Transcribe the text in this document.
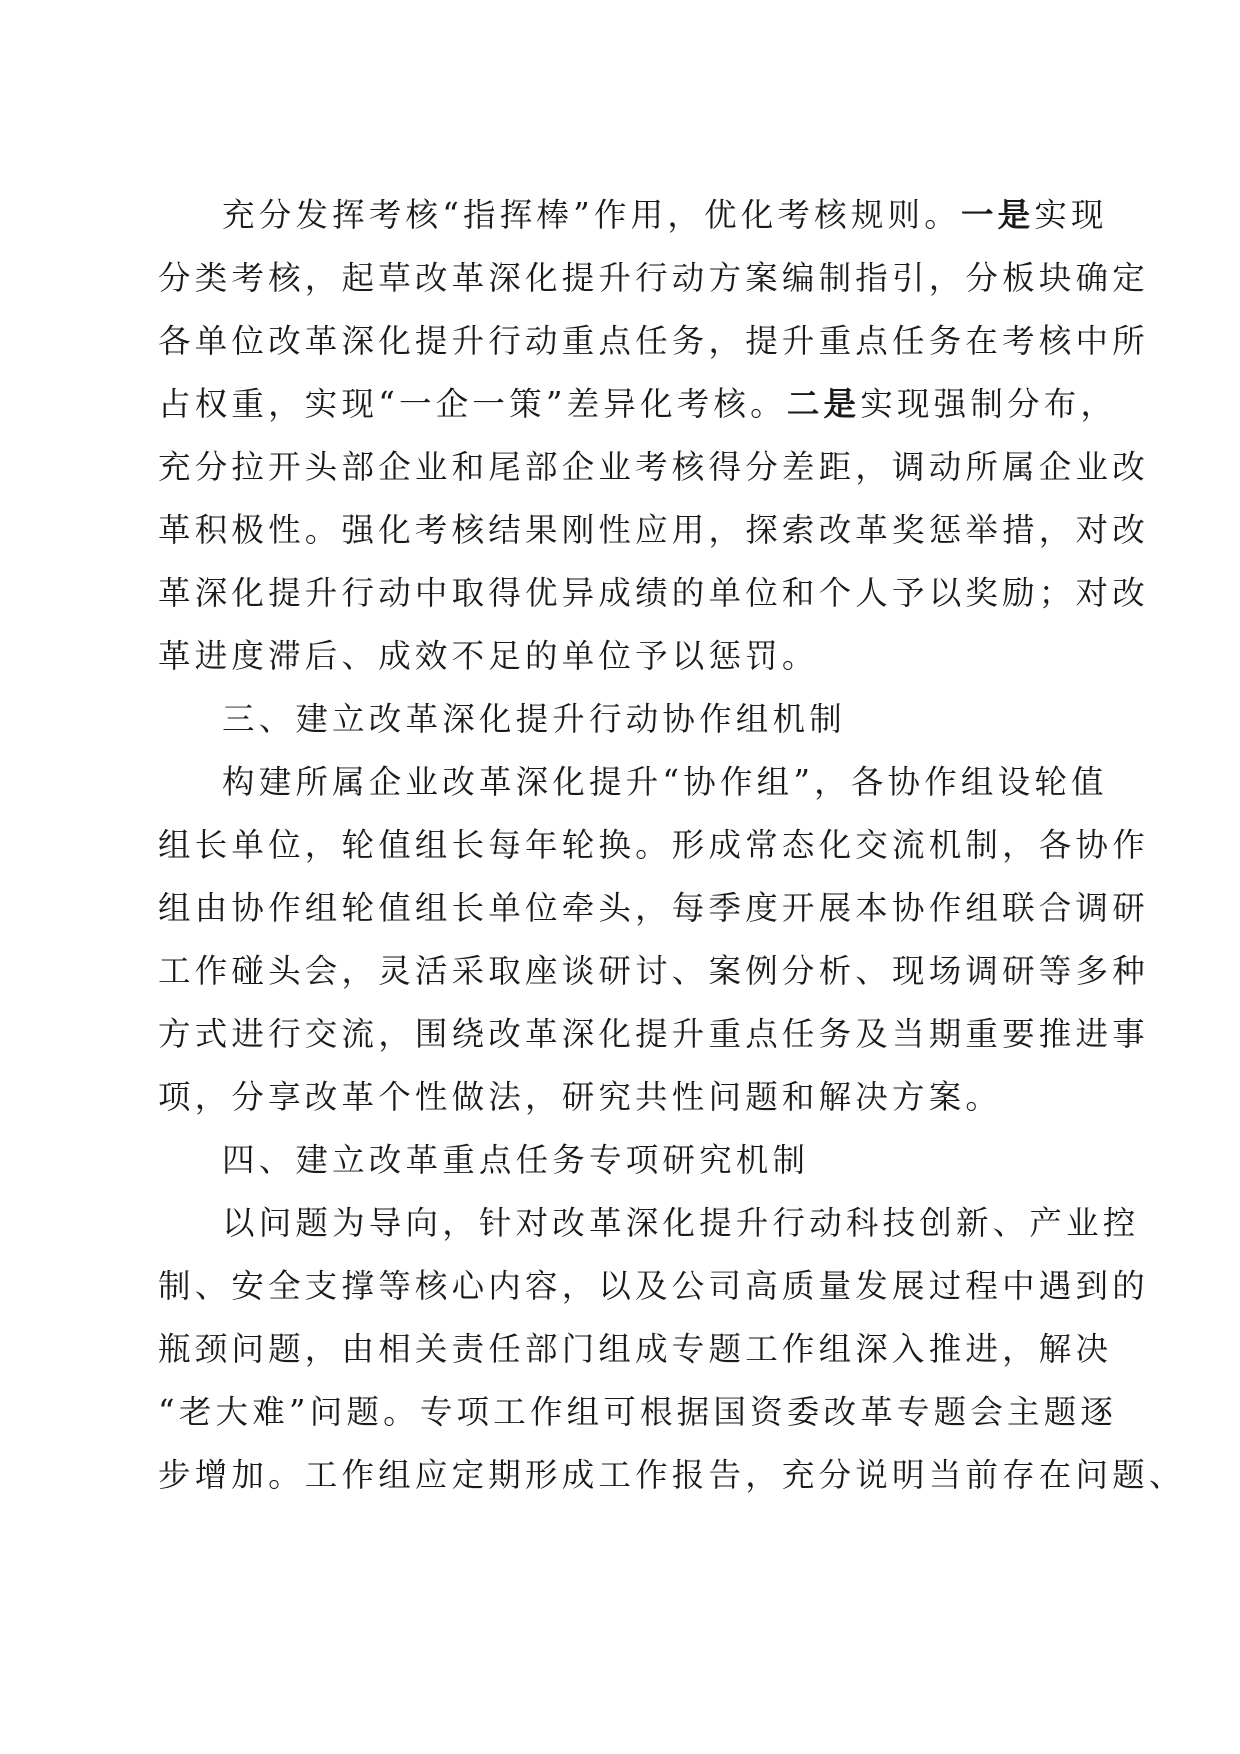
充分发挥考核“指挥棒”作用，优化考核规则。一是实现
分类考核，起草改革深化提升行动方案编制指引，分板块确定
各单位改革深化提升行动重点任务，提升重点任务在考核中所
占权重，实现“一企一策”差异化考核。二是实现强制分布，
充分拉开头部企业和尾部企业考核得分差距，调动所属企业改
革积极性。强化考核结果刚性应用，探索改革奖惩举措，对改
革深化提升行动中取得优异成绩的单位和个人予以奖励；对改
革进度滞后、成效不足的单位予以惩罚。
三、建立改革深化提升行动协作组机制
构建所属企业改革深化提升“协作组”，各协作组设轮值
组长单位，轮值组长每年轮换。形成常态化交流机制，各协作
组由协作组轮值组长单位牵头，每季度开展本协作组联合调研
工作碰头会，灵活采取座谈研讨、案例分析、现场调研等多种
方式进行交流，围绕改革深化提升重点任务及当期重要推进事
项，分享改革个性做法，研究共性问题和解决方案。
四、建立改革重点任务专项研究机制
以问题为导向，针对改革深化提升行动科技创新、产业控
制、安全支撑等核心内容，以及公司高质量发展过程中遇到的
瓶颈问题，由相关责任部门组成专题工作组深入推进，解决
“老大难”问题。专项工作组可根据国资委改革专题会主题逐
步增加。工作组应定期形成工作报告，充分说明当前存在问题、
